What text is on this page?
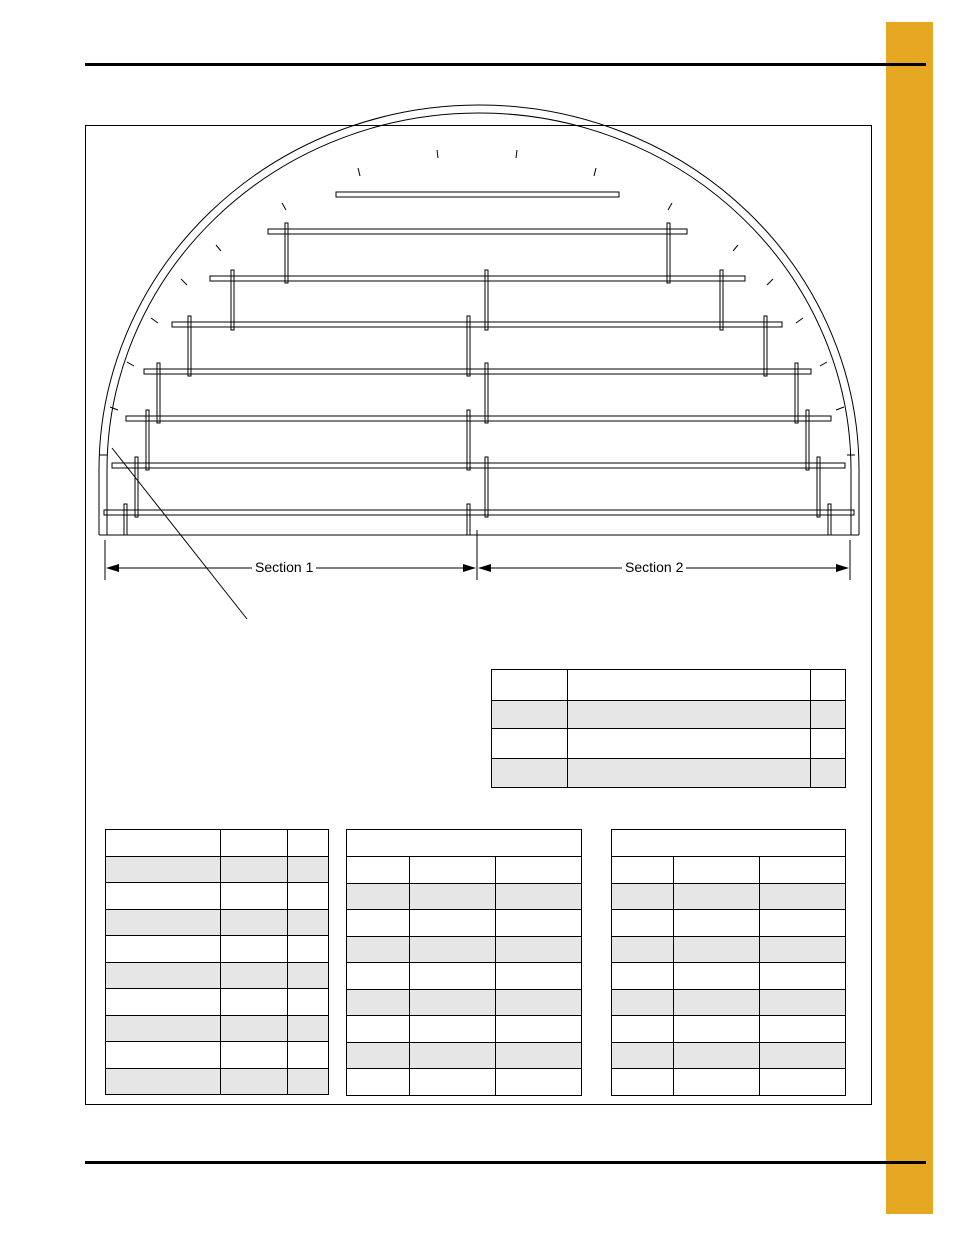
Section 1	Section 2
